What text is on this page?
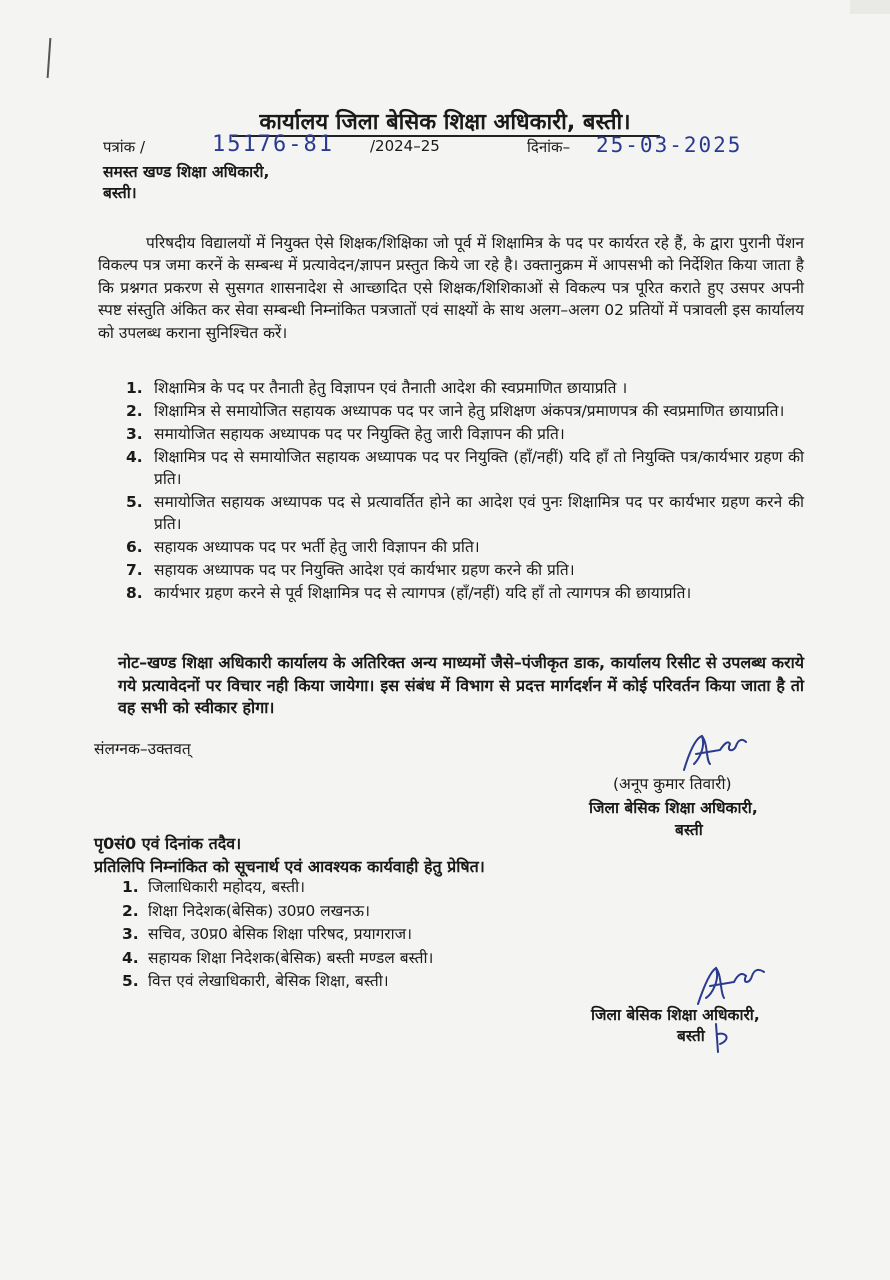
कार्यालय जिला बेसिक शिक्षा अधिकारी, बस्ती।
पत्रांक /	15176-81 /2024–25	दिनांक– 25-03-2025
समस्त खण्ड शिक्षा अधिकारी,
बस्ती।

परिषदीय विद्यालयों में नियुक्त ऐसे शिक्षक/शिक्षिका जो पूर्व में शिक्षामित्र के पद पर कार्यरत रहे हैं, के द्वारा पुरानी पेंशन विकल्प पत्र जमा करनें के सम्बन्ध में प्रत्यावेदन/ज्ञापन प्रस्तुत किये जा रहे है। उक्तानुक्रम में आपसभी को निर्देशित किया जाता है कि प्रश्नगत प्रकरण से सुसगत शासनादेश से आच्छादित एसे शिक्षक/शिशिकाओं से विकल्प पत्र पूरित कराते हुए उसपर अपनी स्पष्ट संस्तुति अंकित कर सेवा सम्बन्धी निम्नांकित पत्रजातों एवं साक्ष्यों के साथ अलग–अलग 02 प्रतियों में पत्रावली इस कार्यालय को उपलब्ध कराना सुनिश्चित करें।

1. शिक्षामित्र के पद पर तैनाती हेतु विज्ञापन एवं तैनाती आदेश की स्वप्रमाणित छायाप्रति ।
2. शिक्षामित्र से समायोजित सहायक अध्यापक पद पर जाने हेतु प्रशिक्षण अंकपत्र/प्रमाणपत्र की स्वप्रमाणित छायाप्रति।
3. समायोजित सहायक अध्यापक पद पर नियुक्ति हेतु जारी विज्ञापन की प्रति।
4. शिक्षामित्र पद से समायोजित सहायक अध्यापक पद पर नियुक्ति (हॉं/नहीं) यदि हॉं तो नियुक्ति पत्र/कार्यभार ग्रहण की प्रति।
5. समायोजित सहायक अध्यापक पद से प्रत्यावर्तित होने का आदेश एवं पुनः शिक्षामित्र पद पर कार्यभार ग्रहण करने की प्रति।
6. सहायक अध्यापक पद पर भर्ती हेतु जारी विज्ञापन की प्रति।
7. सहायक अध्यापक पद पर नियुक्ति आदेश एवं कार्यभार ग्रहण करने की प्रति।
8. कार्यभार ग्रहण करने से पूर्व शिक्षामित्र पद से त्यागपत्र (हॉं/नहीं) यदि हॉं तो त्यागपत्र की छायाप्रति।
नोट–खण्ड शिक्षा अधिकारी कार्यालय के अतिरिक्त अन्य माध्यमों जैसे–पंजीकृत डाक, कार्यालय रिसीट से उपलब्ध कराये गये प्रत्यावेदनों पर विचार नही किया जायेगा। इस संबंध में विभाग से प्रदत्त मार्गदर्शन में कोई परिवर्तन किया जाता है तो वह सभी को स्वीकार होगा।
संलग्नक–उक्तवत्
(अनूप कुमार तिवारी)
जिला बेसिक शिक्षा अधिकारी,
बस्ती
पृ0सं0 एवं दिनांक तदैव।
प्रतिलिपि निम्नांकित को सूचनार्थ एवं आवश्यक कार्यवाही हेतु प्रेषित।
1. जिलाधिकारी महोदय, बस्ती।
2. शिक्षा निदेशक(बेसिक) उ0प्र0 लखनऊ।
3. सचिव, उ0प्र0 बेसिक शिक्षा परिषद, प्रयागराज।
4. सहायक शिक्षा निदेशक(बेसिक) बस्ती मण्डल बस्ती।
5. वित्त एवं लेखाधिकारी, बेसिक शिक्षा, बस्ती।
जिला बेसिक शिक्षा अधिकारी,
बस्ती
